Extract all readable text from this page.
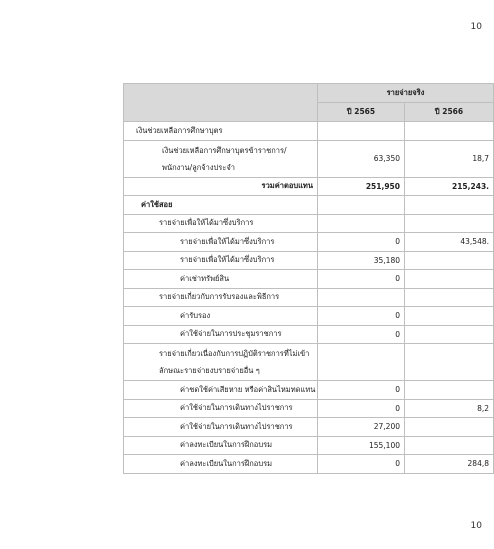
10
	รายจ่ายจริง	
	ปี 2565	ปี 2566
เงินช่วยเหลือการศึกษาบุตร		
เงินช่วยเหลือการศึกษาบุตรข้าราชการ/พนักงาน/ลูกจ้างประจำ	63,350	18,7
รวมค่าตอบแทน	251,950	215,243.
ค่าใช้สอย		
รายจ่ายเพื่อให้ได้มาซึ่งบริการ		
รายจ่ายเพื่อให้ได้มาซึ่งบริการ	0	43,548.
รายจ่ายเพื่อให้ได้มาซึ่งบริการ	35,180	
ค่าเช่าทรัพย์สิน	0	
รายจ่ายเกี่ยวกับการรับรองและพิธีการ		
ค่ารับรอง	0	
ค่าใช้จ่ายในการประชุมราชการ	0	
รายจ่ายเกี่ยวเนื่องกับการปฏิบัติราชการที่ไม่เข้าลักษณะรายจ่ายงบรายจ่ายอื่น ๆ		
ค่าชดใช้ค่าเสียหาย หรือค่าสินไหมทดแทน	0	
ค่าใช้จ่ายในการเดินทางไปราชการ	0	8,2
ค่าใช้จ่ายในการเดินทางไปราชการ	27,200	
ค่าลงทะเบียนในการฝึกอบรม	155,100	
ค่าลงทะเบียนในการฝึกอบรม	0	284,8
10
